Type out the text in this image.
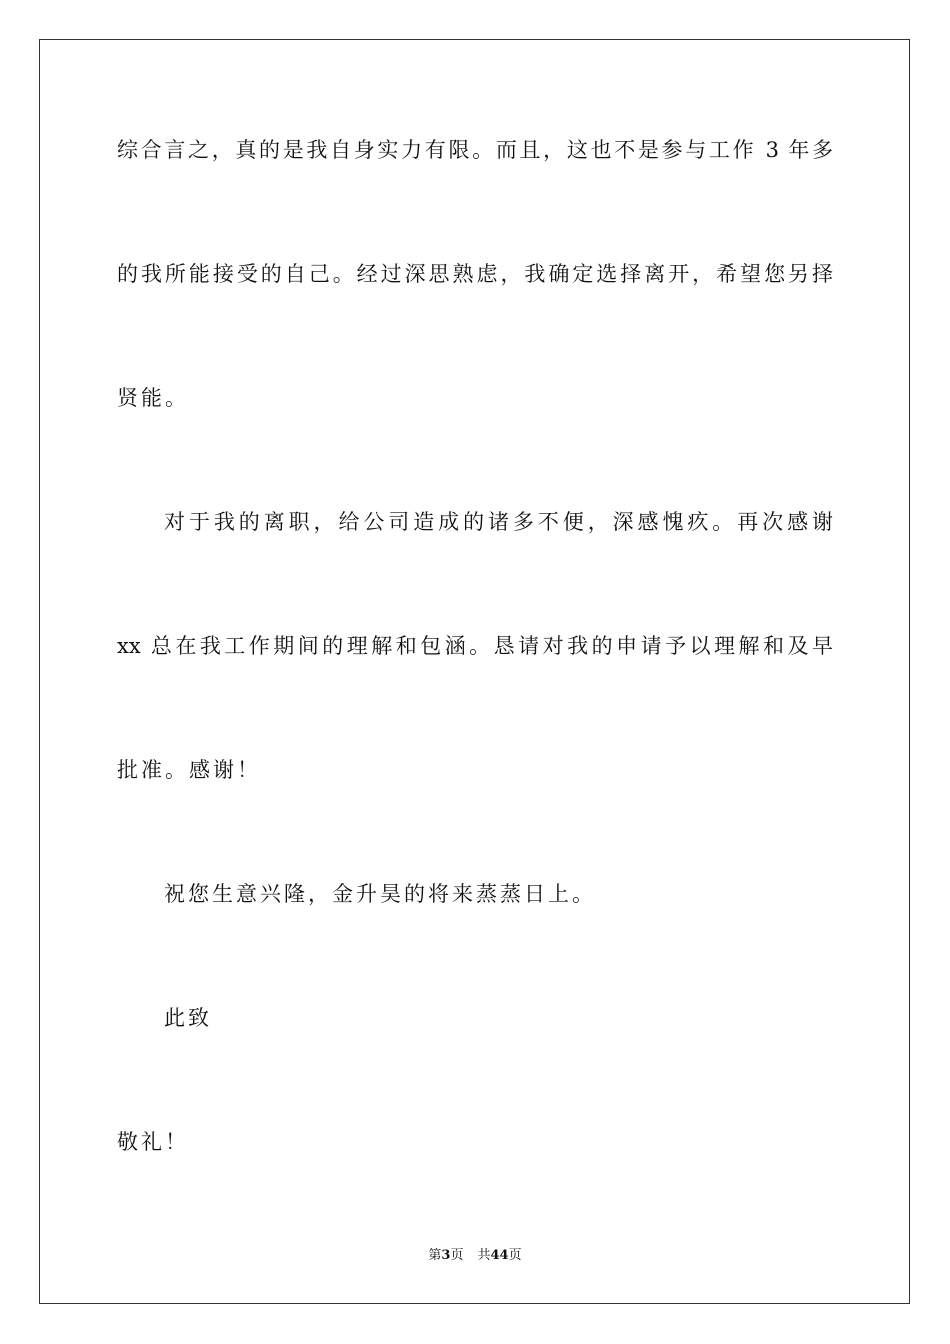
综合言之，真的是我自身实力有限。而且，这也不是参与工作 3 年多
的我所能接受的自己。经过深思熟虑，我确定选择离开，希望您另择
贤能。
对于我的离职，给公司造成的诸多不便，深感愧疚。再次感谢
xx 总在我工作期间的理解和包涵。恳请对我的申请予以理解和及早
批准。感谢！
祝您生意兴隆，金升昊的将来蒸蒸日上。
此致
敬礼！
第3页 共44页
